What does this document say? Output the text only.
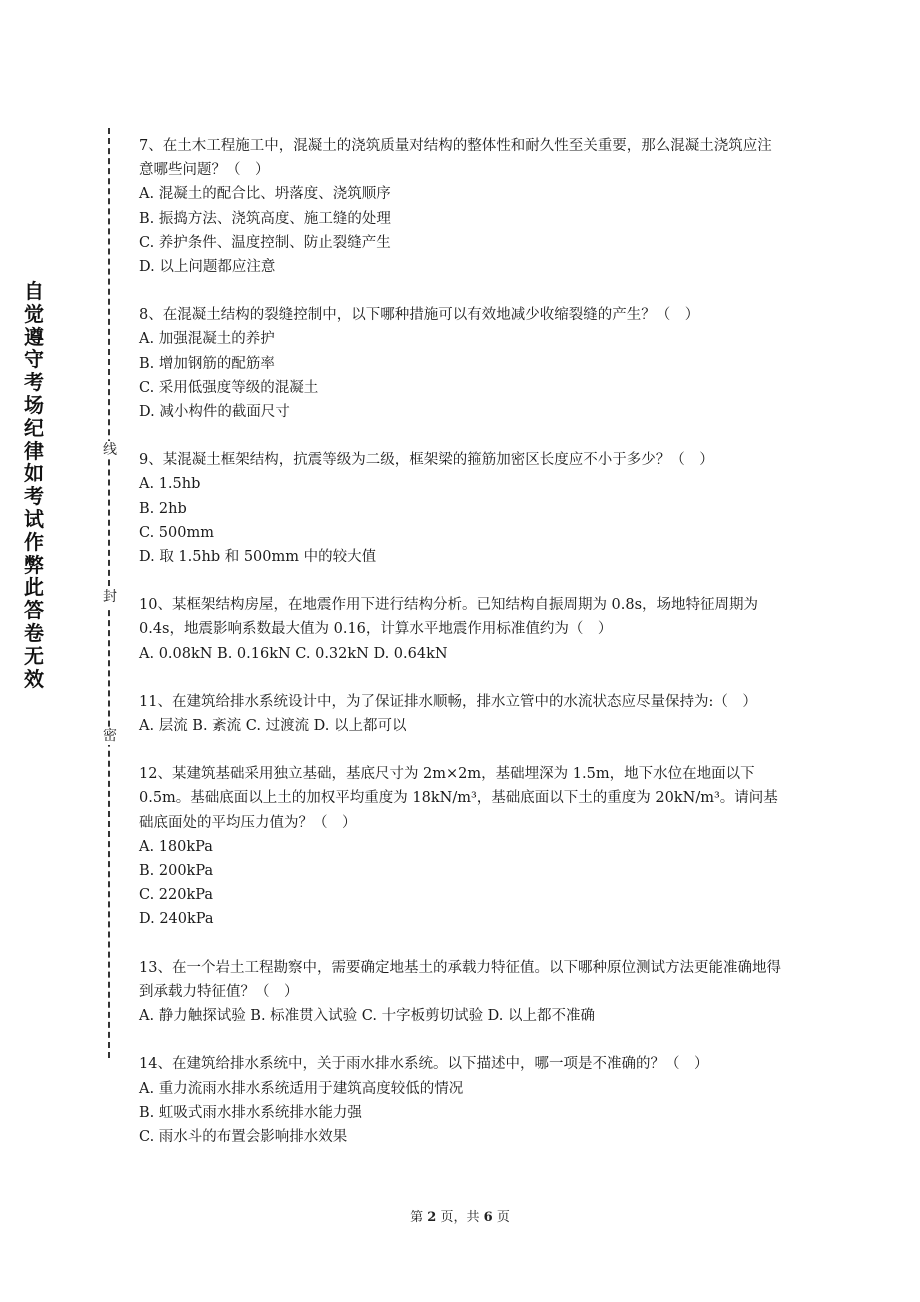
自觉遵守考场纪律如考试作弊此答卷无效
线
封
密

7、在土木工程施工中，混凝土的浇筑质量对结构的整体性和耐久性至关重要，那么混凝土浇筑应注意哪些问题？（　）

A. 混凝土的配合比、坍落度、浇筑顺序

B. 振捣方法、浇筑高度、施工缝的处理

C. 养护条件、温度控制、防止裂缝产生

D. 以上问题都应注意

8、在混凝土结构的裂缝控制中，以下哪种措施可以有效地减少收缩裂缝的产生？（　）

A. 加强混凝土的养护

B. 增加钢筋的配筋率

C. 采用低强度等级的混凝土

D. 减小构件的截面尺寸

9、某混凝土框架结构，抗震等级为二级，框架梁的箍筋加密区长度应不小于多少？（　）

A. 1.5hb

B. 2hb

C. 500mm

D. 取 1.5hb 和 500mm 中的较大值

10、某框架结构房屋，在地震作用下进行结构分析。已知结构自振周期为 0.8s，场地特征周期为 0.4s，地震影响系数最大值为 0.16，计算水平地震作用标准值约为（　）

A. 0.08kN B. 0.16kN C. 0.32kN D. 0.64kN

11、在建筑给排水系统设计中，为了保证排水顺畅，排水立管中的水流状态应尽量保持为:（　）

A. 层流 B. 紊流 C. 过渡流 D. 以上都可以

12、某建筑基础采用独立基础，基底尺寸为 2m×2m，基础埋深为 1.5m，地下水位在地面以下 0.5m。基础底面以上土的加权平均重度为 18kN/m³，基础底面以下土的重度为 20kN/m³。请问基础底面处的平均压力值为？（　）

A. 180kPa

B. 200kPa

C. 220kPa

D. 240kPa

13、在一个岩土工程勘察中，需要确定地基土的承载力特征值。以下哪种原位测试方法更能准确地得到承载力特征值？（　）

A. 静力触探试验 B. 标准贯入试验 C. 十字板剪切试验 D. 以上都不准确

14、在建筑给排水系统中，关于雨水排水系统。以下描述中，哪一项是不准确的？（　）

A. 重力流雨水排水系统适用于建筑高度较低的情况

B. 虹吸式雨水排水系统排水能力强

C. 雨水斗的布置会影响排水效果

第 2 页，共 6 页
